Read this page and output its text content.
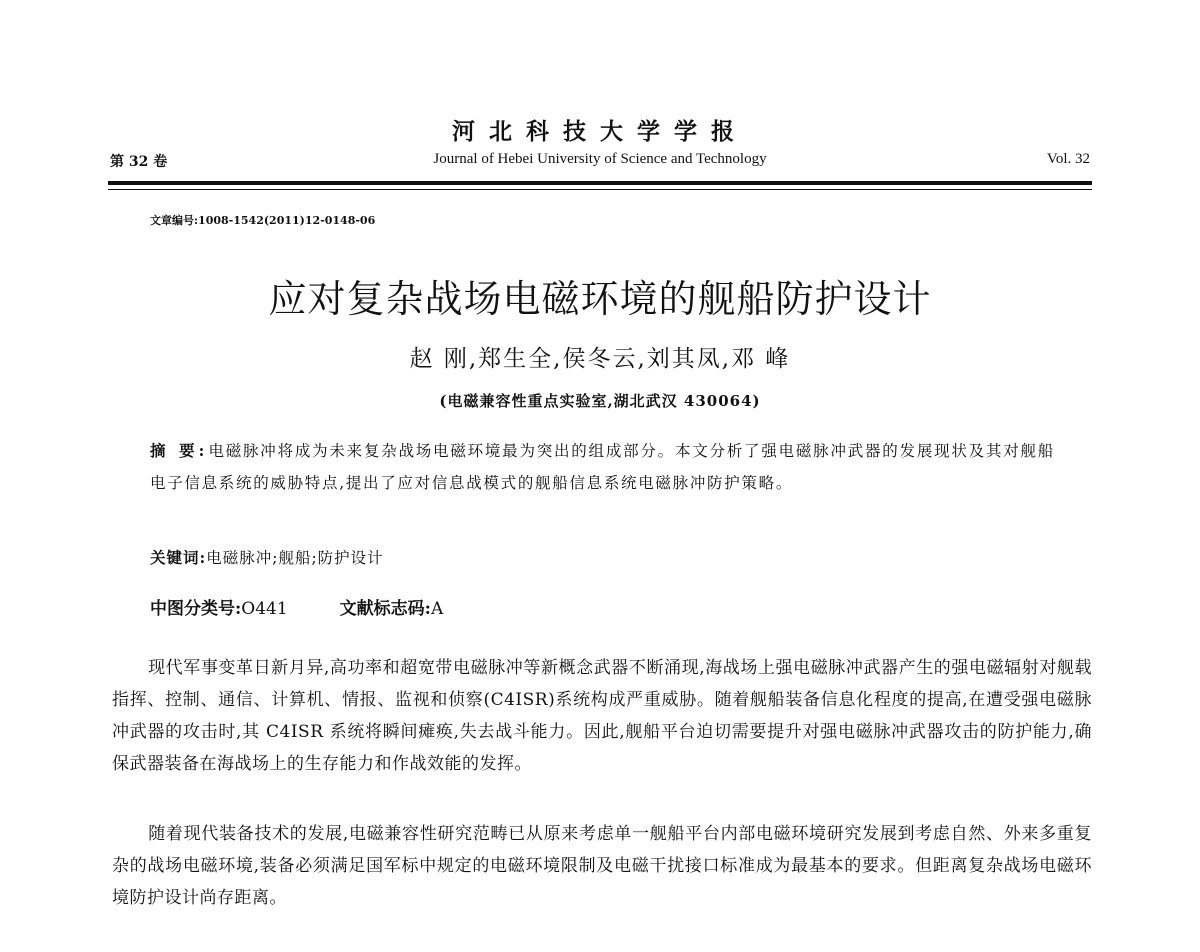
河北科技大学学报
第 32 卷	Journal of Hebei University of Science and Technology	Vol. 32
文章编号:1008-1542(2011)12-0148-06
应对复杂战场电磁环境的舰船防护设计
赵 刚,郑生全,侯冬云,刘其凤,邓 峰
(电磁兼容性重点实验室,湖北武汉 430064)
摘 要:电磁脉冲将成为未来复杂战场电磁环境最为突出的组成部分。本文分析了强电磁脉冲武器的发展现状及其对舰船电子信息系统的威胁特点,提出了应对信息战模式的舰船信息系统电磁脉冲防护策略。
关键词:电磁脉冲;舰船;防护设计
中图分类号:O441	文献标志码:A
现代军事变革日新月异,高功率和超宽带电磁脉冲等新概念武器不断涌现,海战场上强电磁脉冲武器产生的强电磁辐射对舰载指挥、控制、通信、计算机、情报、监视和侦察(C4ISR)系统构成严重威胁。随着舰船装备信息化程度的提高,在遭受强电磁脉冲武器的攻击时,其 C4ISR 系统将瞬间瘫痪,失去战斗能力。因此,舰船平台迫切需要提升对强电磁脉冲武器攻击的防护能力,确保武器装备在海战场上的生存能力和作战效能的发挥。
随着现代装备技术的发展,电磁兼容性研究范畴已从原来考虑单一舰船平台内部电磁环境研究发展到考虑自然、外来多重复杂的战场电磁环境,装备必须满足国军标中规定的电磁环境限制及电磁干扰接口标准成为最基本的要求。但距离复杂战场电磁环境防护设计尚存距离。
